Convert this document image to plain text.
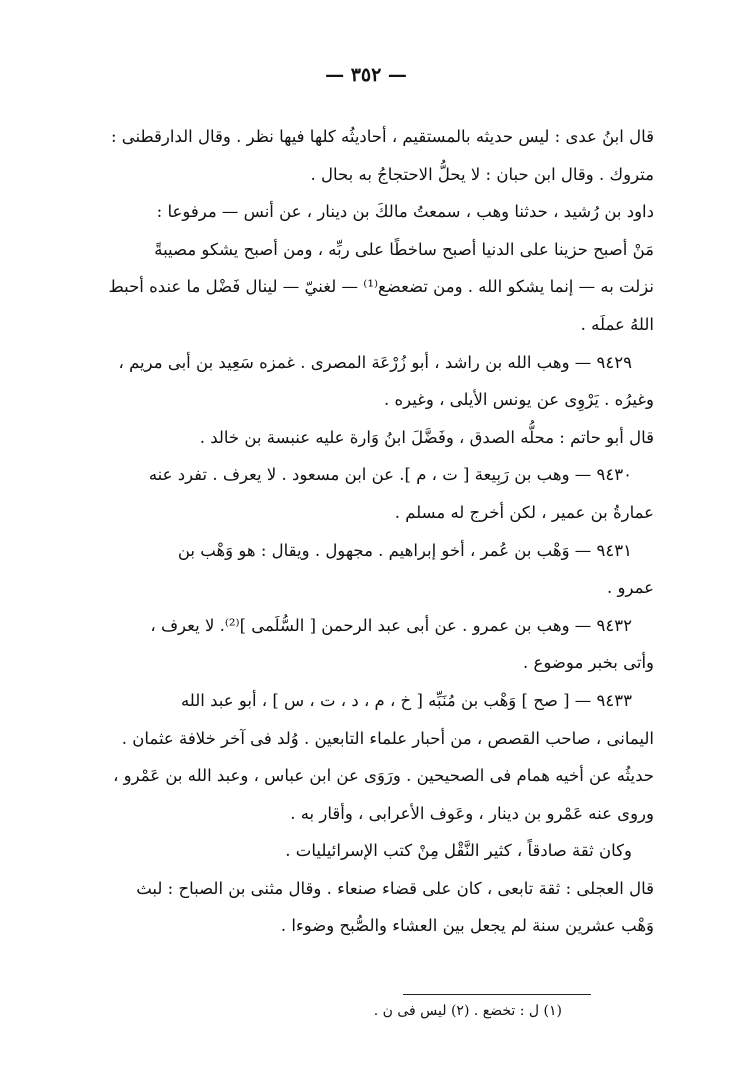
— ٣٥٢ —
قال ابنُ عدى : ليس حديثه بالمستقيم ، أحاديثُه كلها فيها نظر . وقال الدارقطنى :
متروك . وقال ابن حبان : لا يحلُّ الاحتجاجُ به بحال .
داود بن رُشيد ، حدثنا وهب ، سمعتُ مالكَ بن دينار ، عن أنس — مرفوعا :
مَنْ أصبح حزينا على الدنيا أصبح ساخطًا على ربِّه ، ومن أصبح يشكو مصيبةً
نزلت به — إنما يشكو الله . ومن تضعضع⁽¹⁾ — لغنيّ — لينال فَضْل ما عنده أحبط
اللهُ عملَه .
٩٤٢٩ — وهب الله بن راشد ، أبو زُرْعَة المصرى . غمزه سَعِيد بن أبى مريم ،
وغيرُه . يَرْوِى عن يونس الأيلى ، وغيره .
قال أبو حاتم : محلُّه الصدق ، وفَضَّلَ ابنُ وَارة عليه عنبسة بن خالد .
٩٤٣٠ — وهب بن رَبِيعة [ ت ، م ]. عن ابن مسعود . لا يعرف . تفرد عنه
عمارةُ بن عمير ، لكن أخرج له مسلم .
٩٤٣١ — وَهْب بن عُمر ، أخو إبراهيم . مجهول . ويقال : هو وَهْب بن
عمرو .
٩٤٣٢ — وهب بن عمرو . عن أبى عبد الرحمن [ السُّلَمى ]⁽²⁾. لا يعرف ،
وأتى بخبر موضوع .
٩٤٣٣ — [ صح ] وَهْب بن مُنَبِّه [ خ ، م ، د ، ت ، س ] ، أبو عبد الله
اليمانى ، صاحب القصص ، من أحبار علماء التابعين . وُلد فى آخر خلافة عثمان .
حديثُه عن أخيه همام فى الصحيحين . ورَوَى عن ابن عباس ، وعبد الله بن عَمْرو ،
وروى عنه عَمْرو بن دينار ، وعَوف الأعرابى ، وأقار به .
وكان ثقة صادقاً ، كثير النَّقْل مِنْ كتب الإسرائيليات .
قال العجلى : ثقة تابعى ، كان على قضاء صنعاء . وقال مثنى بن الصباح : لبث
وَهْب عشرين سنة لم يجعل بين العشاء والصُّبح وضوءا .
(١) ل : تخضع . (٢) ليس فى ن .
